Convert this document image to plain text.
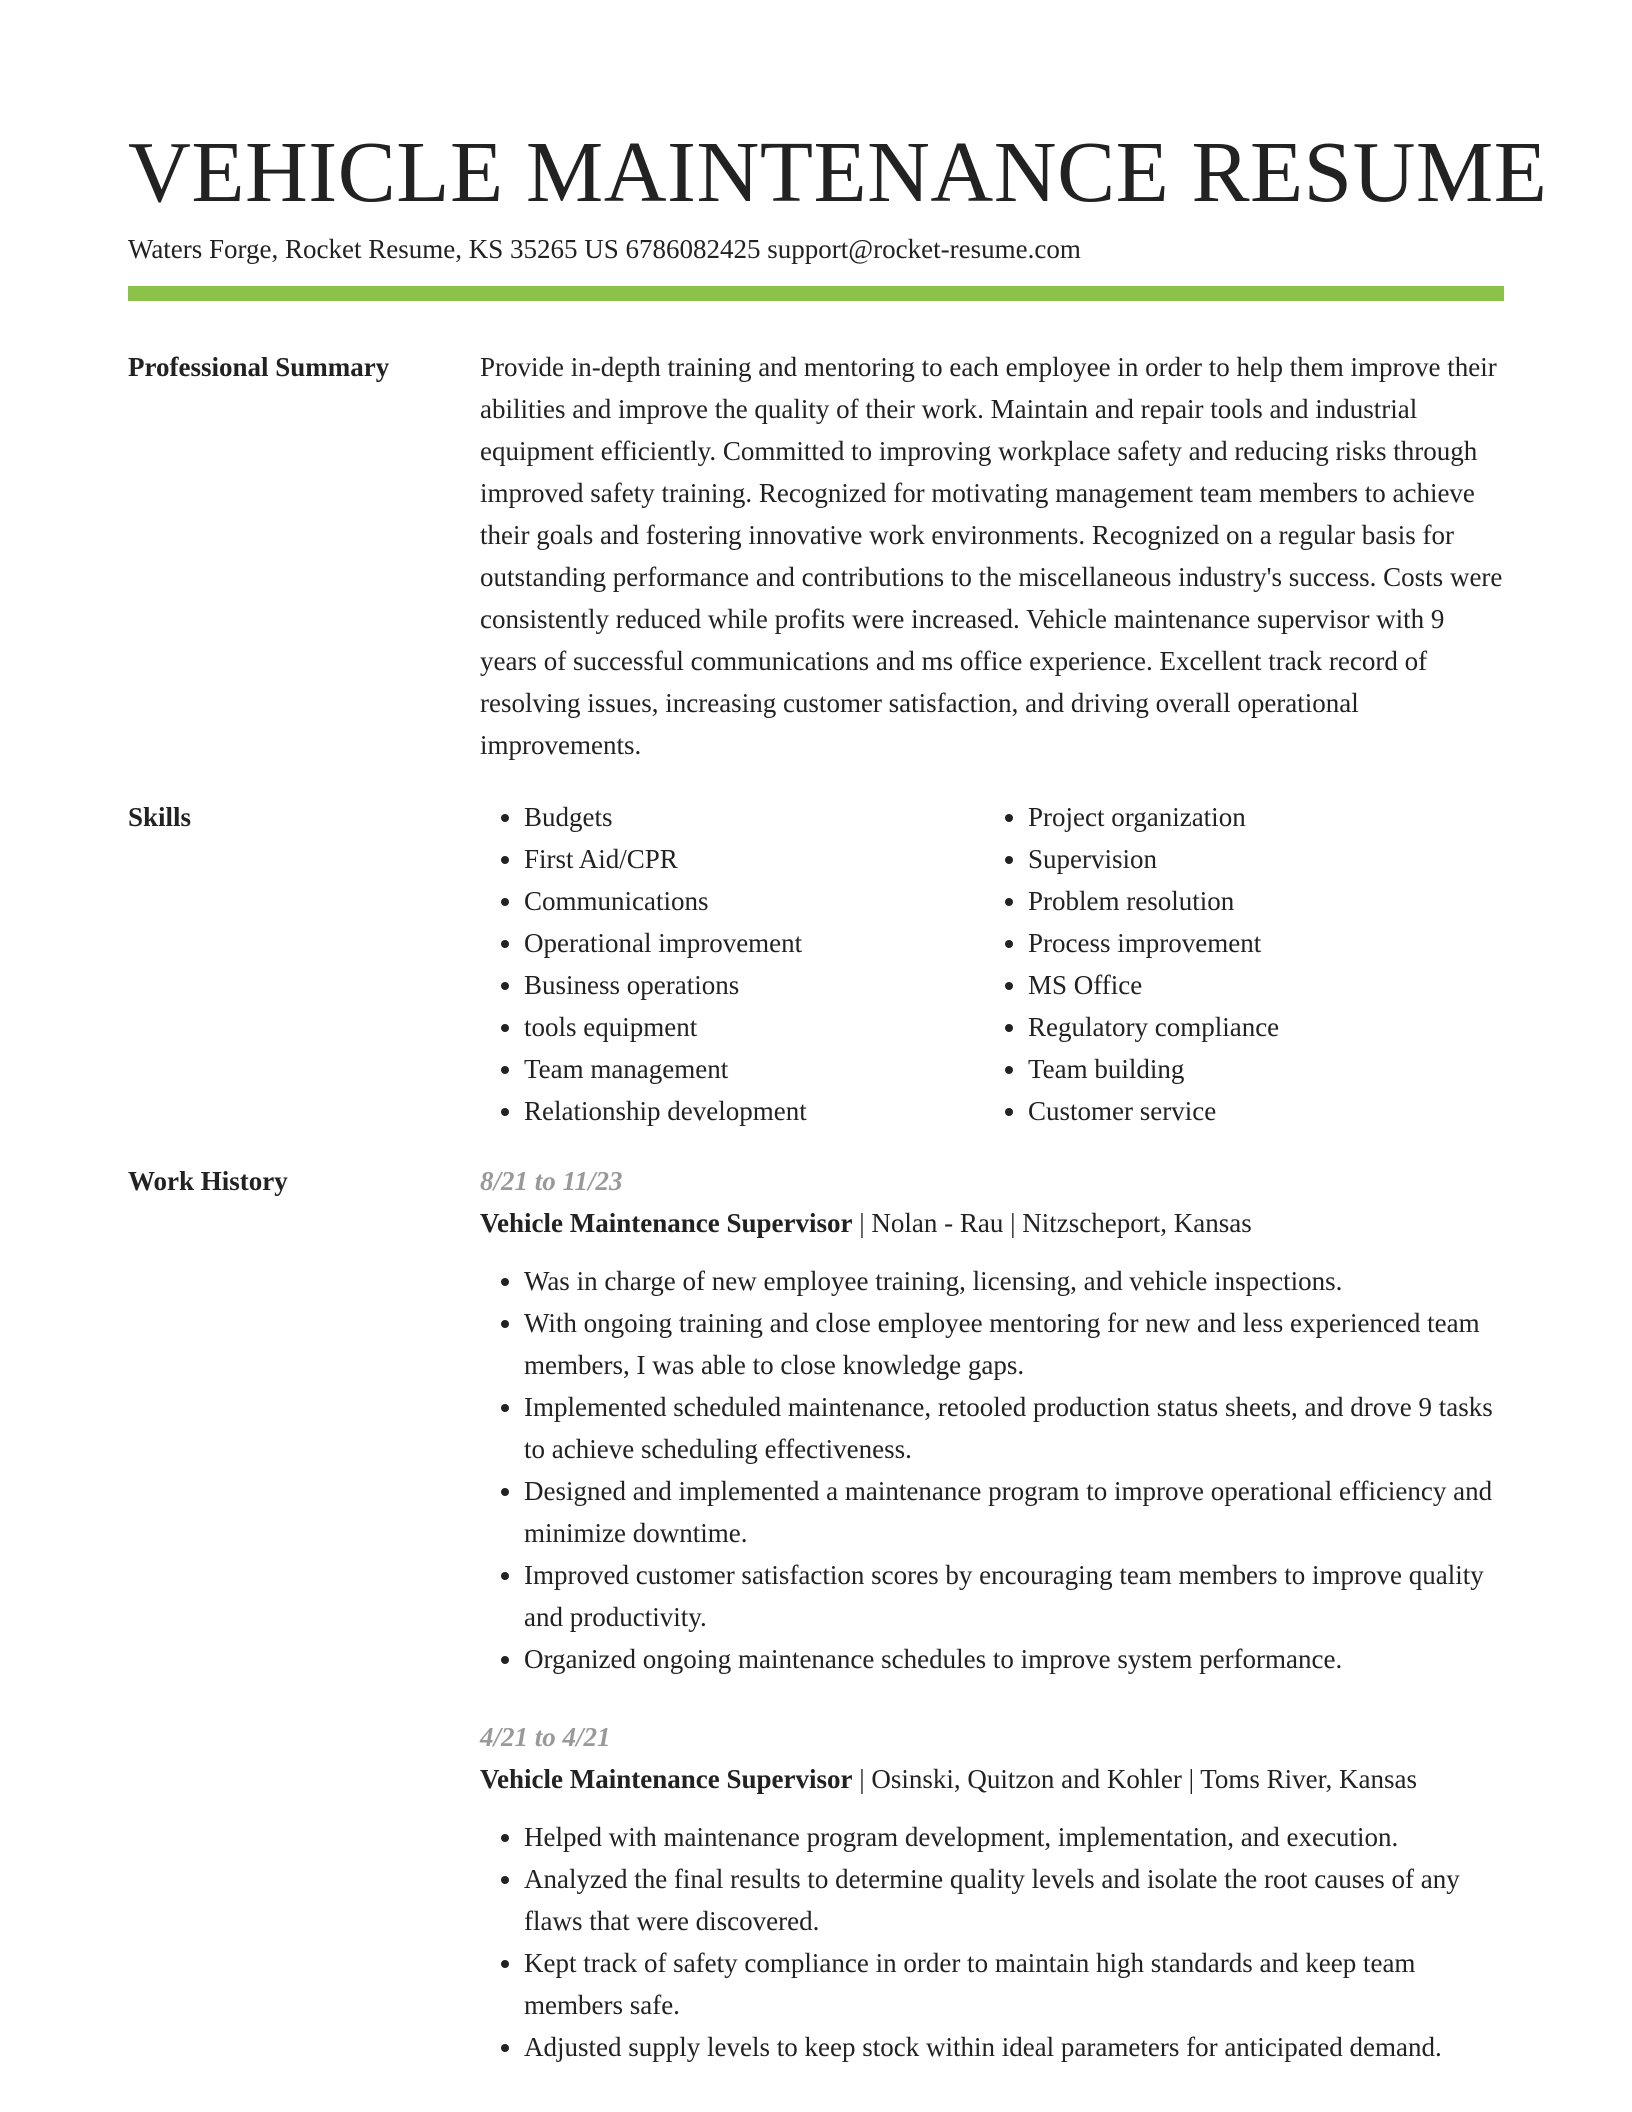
VEHICLE MAINTENANCE RESUME
Waters Forge, Rocket Resume, KS 35265 US 6786082425 support@rocket-resume.com
Professional Summary	Provide in-depth training and mentoring to each employee in order to help them improve their abilities and improve the quality of their work. Maintain and repair tools and industrial equipment efficiently. Committed to improving workplace safety and reducing risks through improved safety training. Recognized for motivating management team members to achieve their goals and fostering innovative work environments. Recognized on a regular basis for outstanding performance and contributions to the miscellaneous industry's success. Costs were consistently reduced while profits were increased. Vehicle maintenance supervisor with 9 years of successful communications and ms office experience. Excellent track record of resolving issues, increasing customer satisfaction, and driving overall operational improvements.

Skills
•	Budgets
• First Aid/CPR
• Communications
• Operational improvement
• Business operations
• tools equipment
• Team management
• Relationship development
• Project organization
• Supervision
• Problem resolution
• Process improvement
• MS Office
• Regulatory compliance
• Team building
• Customer service
Work History	8/21 to 11/23
Vehicle Maintenance Supervisor | Nolan - Rau | Nitzscheport, Kansas
• Was in charge of new employee training, licensing, and vehicle inspections.
• With ongoing training and close employee mentoring for new and less experienced team members, I was able to close knowledge gaps.
• Implemented scheduled maintenance, retooled production status sheets, and drove 9 tasks to achieve scheduling effectiveness.
• Designed and implemented a maintenance program to improve operational efficiency and minimize downtime.
• Improved customer satisfaction scores by encouraging team members to improve quality and productivity.
• Organized ongoing maintenance schedules to improve system performance.
4/21 to 4/21
Vehicle Maintenance Supervisor | Osinski, Quitzon and Kohler | Toms River, Kansas
• Helped with maintenance program development, implementation, and execution.
• Analyzed the final results to determine quality levels and isolate the root causes of any flaws that were discovered.
• Kept track of safety compliance in order to maintain high standards and keep team members safe.
• Adjusted supply levels to keep stock within ideal parameters for anticipated demand.
